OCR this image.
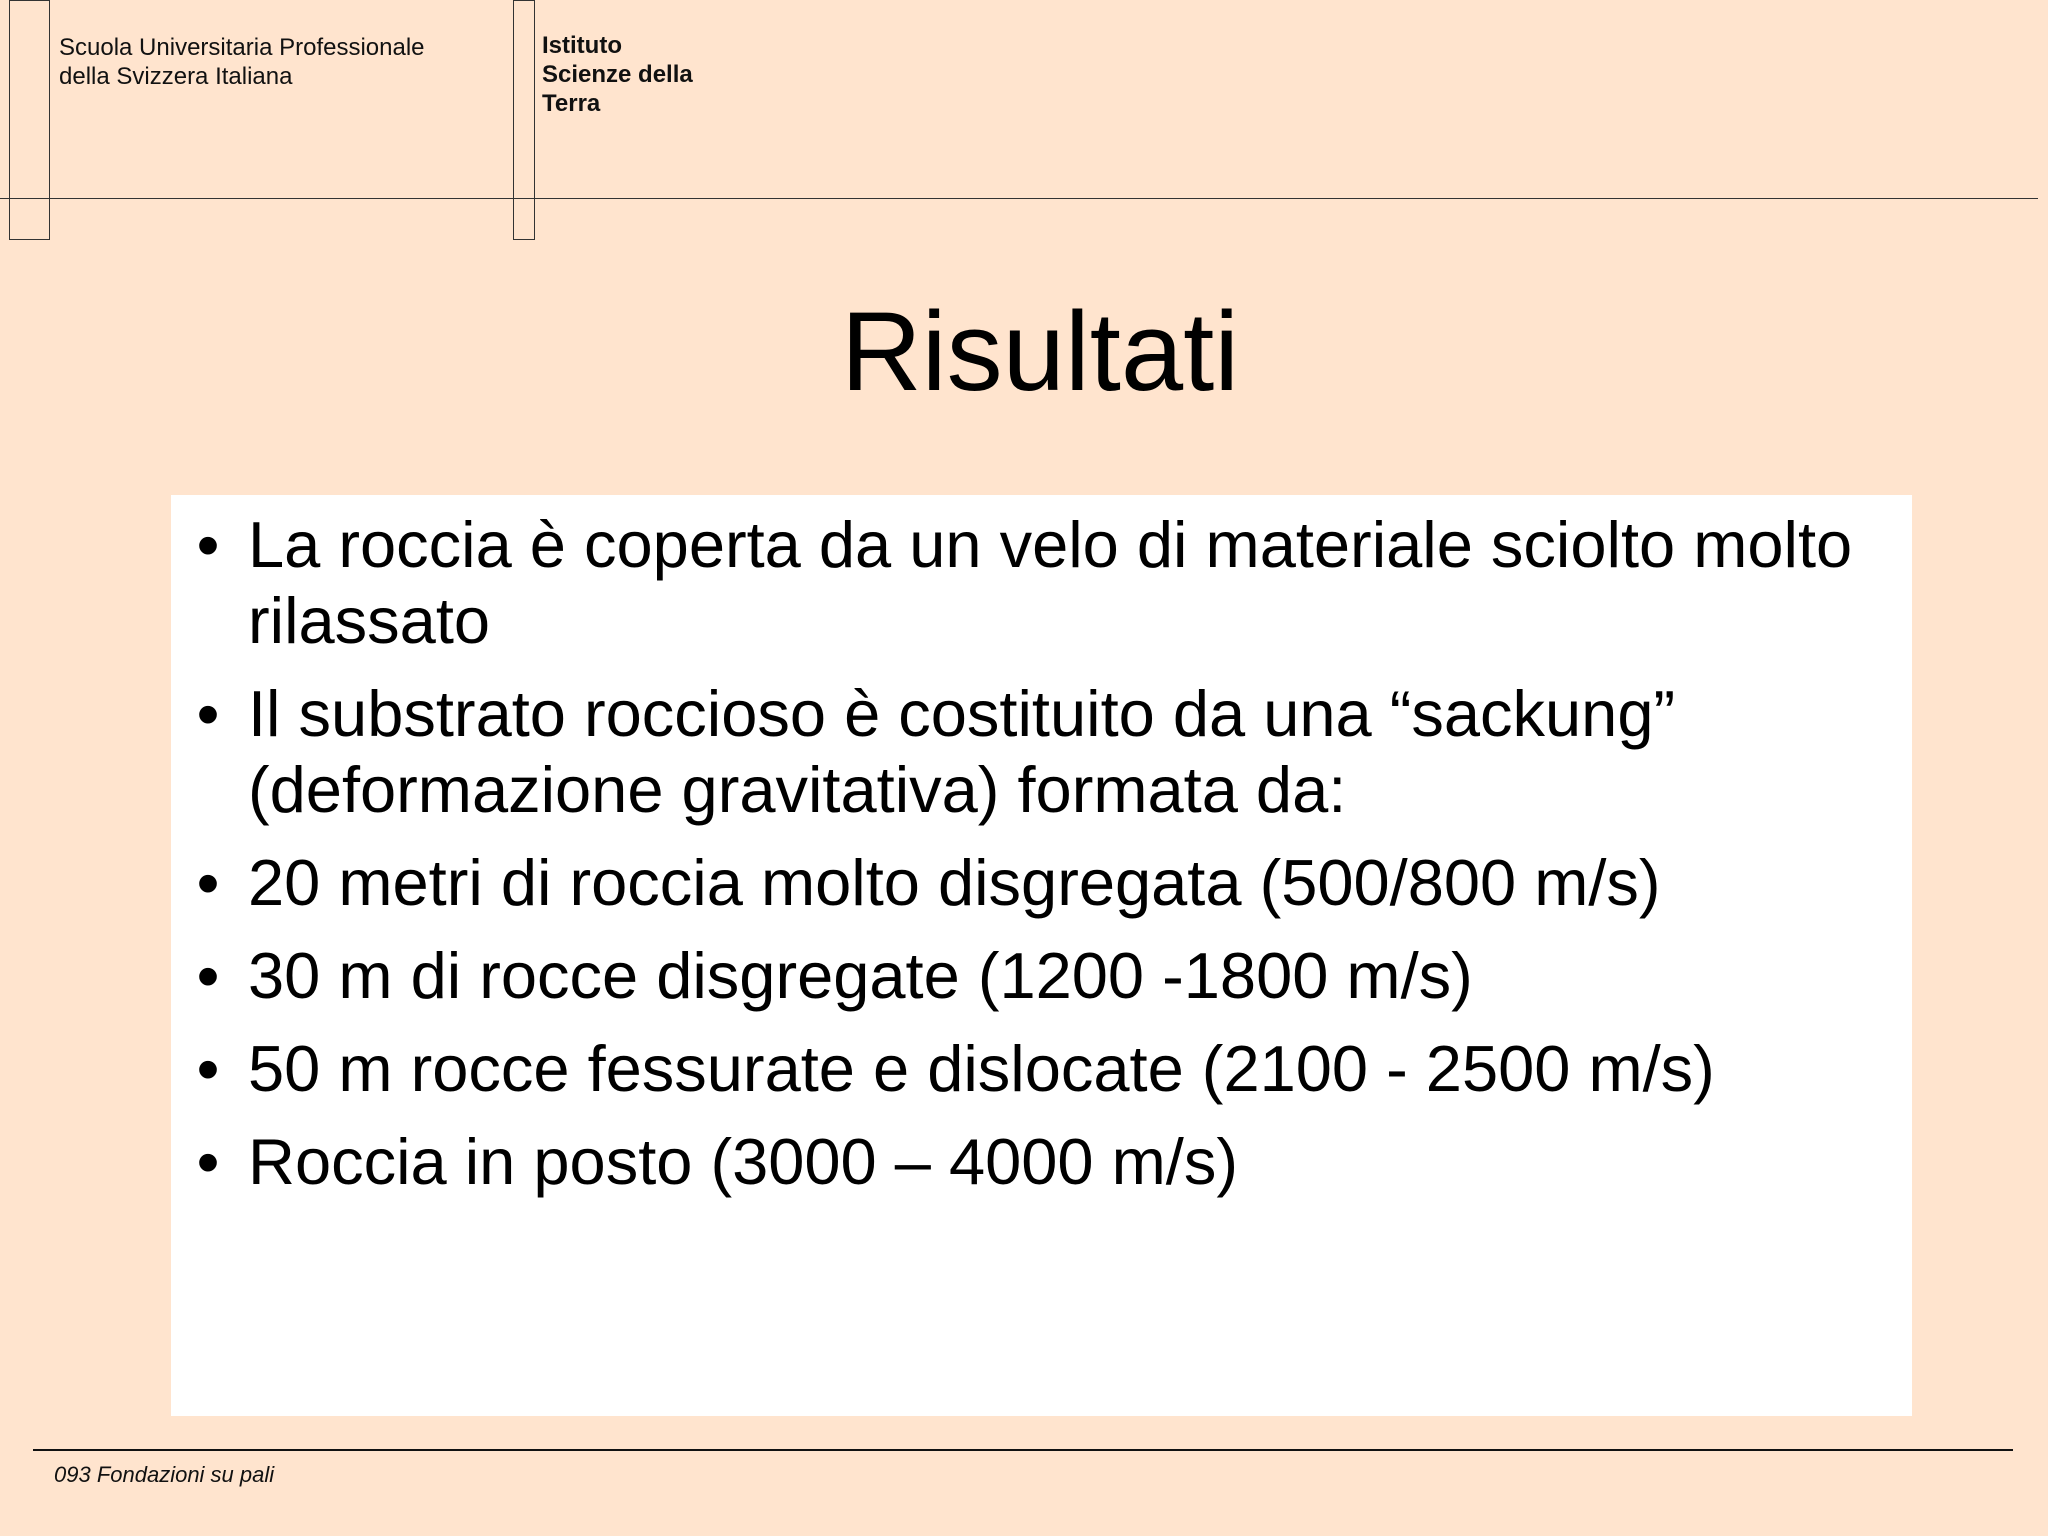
Scuola Universitaria Professionale
della Svizzera Italiana
Istituto
Scienze della
Terra
Risultati
• La roccia è coperta da un velo di materiale sciolto molto rilassato
• Il substrato roccioso è costituito da una “sackung” (deformazione gravitativa) formata da:
• 20 metri di roccia molto disgregata (500/800 m/s)
• 30 m di rocce disgregate (1200 -1800 m/s)
• 50 m rocce fessurate e dislocate (2100 - 2500 m/s)
• Roccia in posto (3000 – 4000 m/s)
093 Fondazioni su pali
